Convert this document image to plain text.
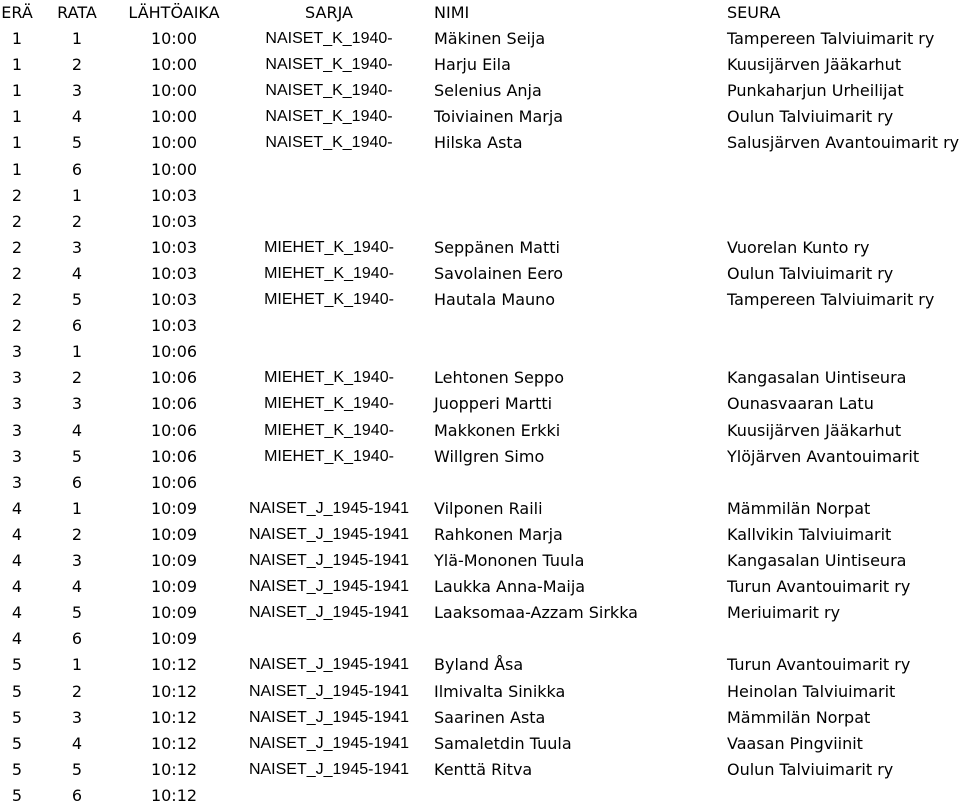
ERÄ	RATA	LÄHTÖAIKA	SARJA	NIMI	SEURA
1	1	10:00	NAISET_K_1940-	Mäkinen Seija	Tampereen Talviuimarit ry
1	2	10:00	NAISET_K_1940-	Harju Eila	Kuusijärven Jääkarhut
1	3	10:00	NAISET_K_1940-	Selenius Anja	Punkaharjun Urheilijat
1	4	10:00	NAISET_K_1940-	Toiviainen Marja	Oulun Talviuimarit ry
1	5	10:00	NAISET_K_1940-	Hilska Asta	Salusjärven Avantouimarit ry
1	6	10:00
2	1	10:03
2	2	10:03
2	3	10:03	MIEHET_K_1940-	Seppänen Matti	Vuorelan Kunto ry
2	4	10:03	MIEHET_K_1940-	Savolainen Eero	Oulun Talviuimarit ry
2	5	10:03	MIEHET_K_1940-	Hautala Mauno	Tampereen Talviuimarit ry
2	6	10:03
3	1	10:06
3	2	10:06	MIEHET_K_1940-	Lehtonen Seppo	Kangasalan Uintiseura
3	3	10:06	MIEHET_K_1940-	Juopperi Martti	Ounasvaaran Latu
3	4	10:06	MIEHET_K_1940-	Makkonen Erkki	Kuusijärven Jääkarhut
3	5	10:06	MIEHET_K_1940-	Willgren Simo	Ylöjärven Avantouimarit
3	6	10:06
4	1	10:09	NAISET_J_1945-1941	Vilponen Raili	Mämmilän Norpat
4	2	10:09	NAISET_J_1945-1941	Rahkonen Marja	Kallvikin Talviuimarit
4	3	10:09	NAISET_J_1945-1941	Ylä-Mononen Tuula	Kangasalan Uintiseura
4	4	10:09	NAISET_J_1945-1941	Laukka Anna-Maija	Turun Avantouimarit ry
4	5	10:09	NAISET_J_1945-1941	Laaksomaa-Azzam Sirkka	Meriuimarit ry
4	6	10:09
5	1	10:12	NAISET_J_1945-1941	Byland Åsa	Turun Avantouimarit ry
5	2	10:12	NAISET_J_1945-1941	Ilmivalta Sinikka	Heinolan Talviuimarit
5	3	10:12	NAISET_J_1945-1941	Saarinen Asta	Mämmilän Norpat
5	4	10:12	NAISET_J_1945-1941	Samaletdin Tuula	Vaasan Pingviinit
5	5	10:12	NAISET_J_1945-1941	Kenttä Ritva	Oulun Talviuimarit ry
5	6	10:12
